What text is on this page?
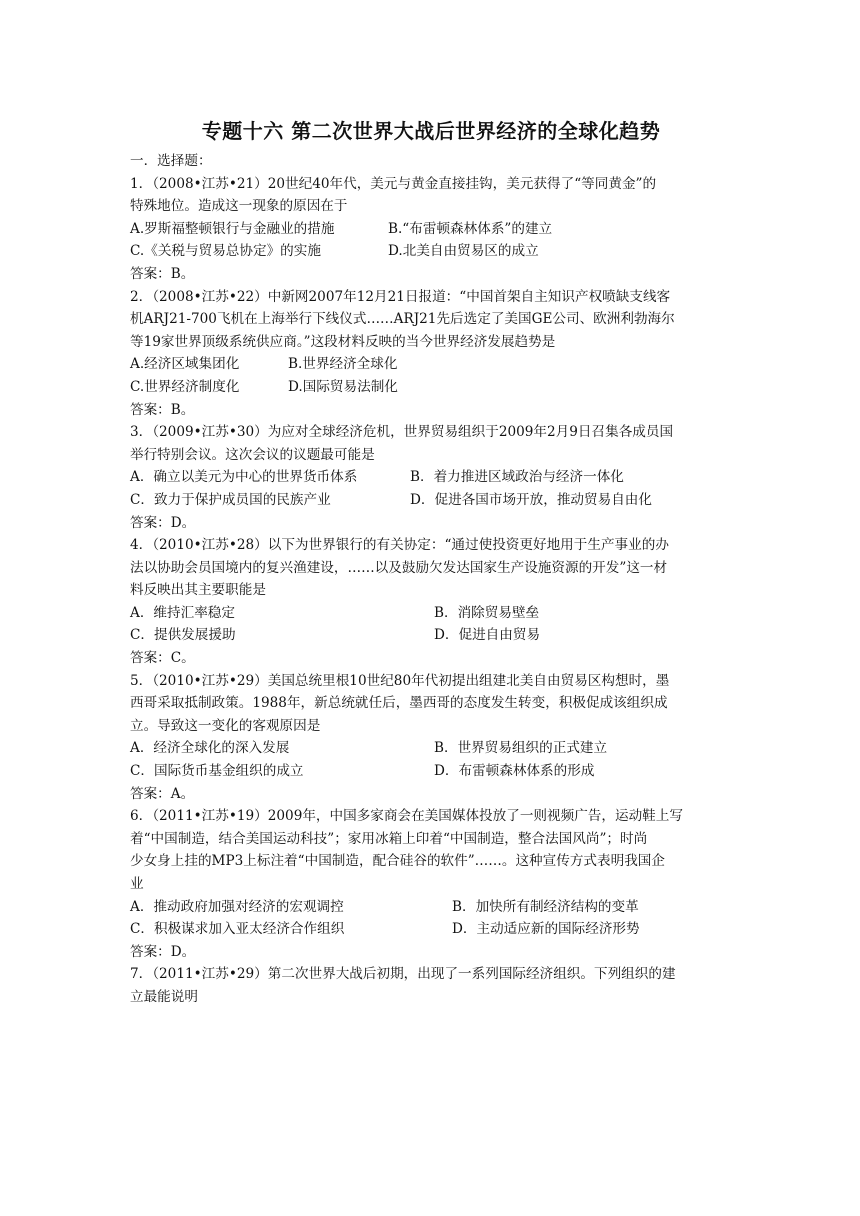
专题十六 第二次世界大战后世界经济的全球化趋势
一．选择题：
1．（2008•江苏•21）20世纪40年代，美元与黄金直接挂钩，美元获得了“等同黄金”的
特殊地位。造成这一现象的原因在于
A.罗斯福整顿银行与金融业的措施	B.“布雷顿森林体系”的建立
C.《关税与贸易总协定》的实施	D.北美自由贸易区的成立
答案：B。
2．（2008•江苏•22）中新网2007年12月21日报道：“中国首架自主知识产权喷缺支线客
机ARJ21-700飞机在上海举行下线仪式……ARJ21先后选定了美国GE公司、欧洲利勃海尔
等19家世界顶级系统供应商。”这段材料反映的当今世界经济发展趋势是
A.经济区域集团化	B.世界经济全球化
C.世界经济制度化	D.国际贸易法制化
答案：B。
3．（2009•江苏•30）为应对全球经济危机，世界贸易组织于2009年2月9日召集各成员国
举行特别会议。这次会议的议题最可能是
A．确立以美元为中心的世界货币体系	B．着力推进区域政治与经济一体化
C．致力于保护成员国的民族产业	D．促进各国市场开放，推动贸易自由化
答案：D。
4．（2010•江苏•28）以下为世界银行的有关协定：“通过使投资更好地用于生产事业的办
法以协助会员国境内的复兴渔建设，……以及鼓励欠发达国家生产设施资源的开发”这一材
料反映出其主要职能是
A．维持汇率稳定	B．消除贸易壁垒
C．提供发展援助	D．促进自由贸易
答案：C。
5．（2010•江苏•29）美国总统里根10世纪80年代初提出组建北美自由贸易区构想时，墨
西哥采取抵制政策。1988年，新总统就任后，墨西哥的态度发生转变，积极促成该组织成
立。导致这一变化的客观原因是
A．经济全球化的深入发展	B．世界贸易组织的正式建立
C．国际货币基金组织的成立	D．布雷顿森林体系的形成
答案：A。
6．（2011•江苏•19）2009年，中国多家商会在美国媒体投放了一则视频广告，运动鞋上写
着“中国制造，结合美国运动科技”；家用冰箱上印着“中国制造，整合法国风尚”；时尚
少女身上挂的MP3上标注着“中国制造，配合硅谷的软件”……。这种宣传方式表明我国企
业
A．推动政府加强对经济的宏观调控	B．加快所有制经济结构的变革
C．积极谋求加入亚太经济合作组织	D．主动适应新的国际经济形势
答案：D。
7．（2011•江苏•29）第二次世界大战后初期，出现了一系列国际经济组织。下列组织的建
立最能说明
